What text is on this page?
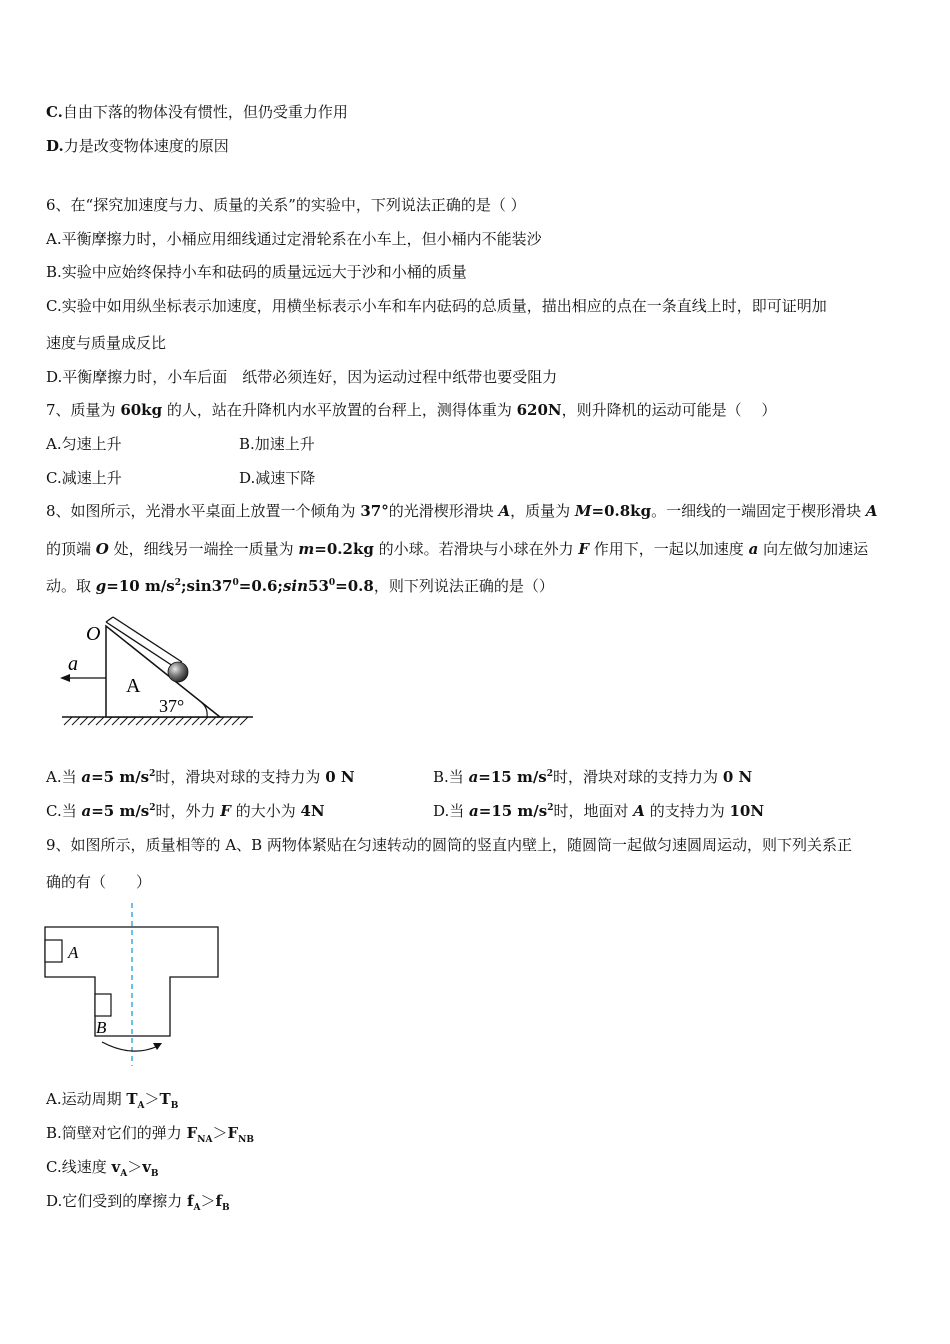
C.自由下落的物体没有惯性，但仍受重力作用
D.力是改变物体速度的原因
6、在“探究加速度与力、质量的关系”的实验中，下列说法正确的是（ ）
A.平衡摩擦力时，小桶应用细线通过定滑轮系在小车上，但小桶内不能装沙
B.实验中应始终保持小车和砝码的质量远远大于沙和小桶的质量
C.实验中如用纵坐标表示加速度，用横坐标表示小车和车内砝码的总质量，描出相应的点在一条直线上时，即可证明加
速度与质量成反比
D.平衡摩擦力时，小车后面　纸带必须连好，因为运动过程中纸带也要受阻力
7、质量为 60kg 的人，站在升降机内水平放置的台秤上，测得体重为 620N，则升降机的运动可能是（　 ）
A.匀速上升	B.加速上升
C.减速上升	D.减速下降
8、如图所示，光滑水平桌面上放置一个倾角为 37°的光滑楔形滑块 A，质量为 M=0.8kg。一细线的一端固定于楔形滑块 A
的顶端 O 处，细线另一端拴一质量为 m=0.2kg 的小球。若滑块与小球在外力 F 作用下，一起以加速度 a 向左做匀加速运
动。取 g=10 $m/s^2;\sin 37^0=0.6;\sin 53^0=0.8$，则下列说法正确的是（）
O
a
A
37°
A.当 a=5 $m/s^2$时，滑块对球的支持力为 0 N	B.当 a=15 $m/s^2$时，滑块对球的支持力为 0 N
C.当 a=5 $m/s^2$时，外力 F 的大小为 4N	D.当 a=15 $m/s^2$时，地面对 A 的支持力为 10N
9、如图所示，质量相等的 A、B 两物体紧贴在匀速转动的圆筒的竖直内壁上，随圆筒一起做匀速圆周运动，则下列关系正
确的有（　　）
A
B
A.运动周期 $T_A>T_B$
B.筒壁对它们的弹力 $F_{NA}>F_{NB}$
C.线速度 $v_A>v_B$
D.它们受到的摩擦力 $f_A>f_B$
